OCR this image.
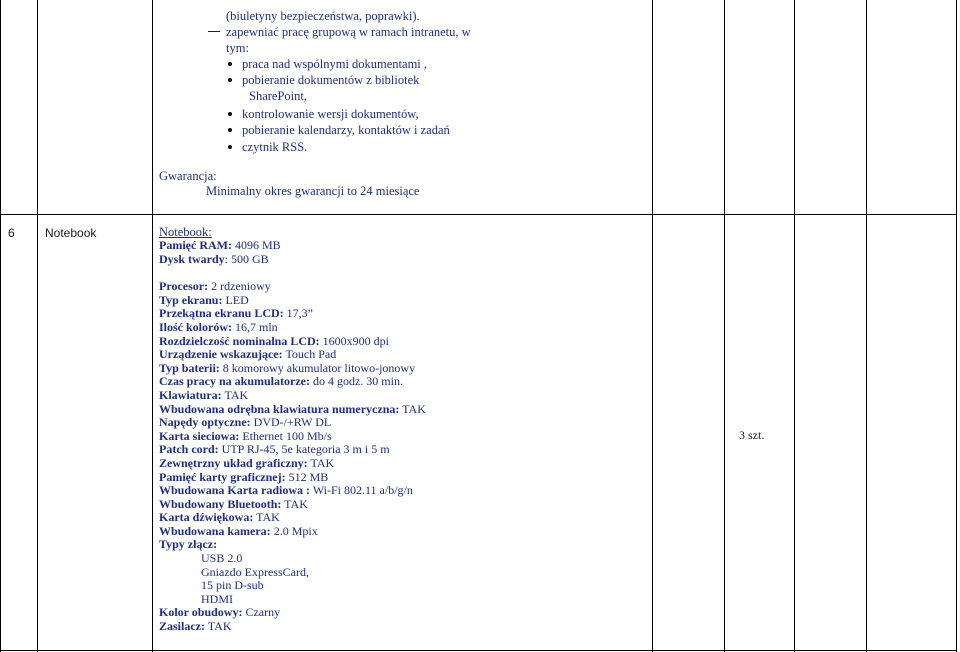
(biuletyny bezpieczeństwa, poprawki).
zapewniać pracę grupową w ramach intranetu, w
tym:
praca nad wspólnymi dokumentami ,
pobieranie dokumentów z bibliotek
SharePoint,
kontrolowanie wersji dokumentów,
pobieranie kalendarzy, kontaktów i zadań
czytnik RSS.
Gwarancja:
Minimalny okres gwarancji to 24 miesiące
6	Notebook
3 szt.
Notebook:
Pamięć RAM: 4096 MB
Dysk twardy: 500 GB
Procesor: 2 rdzeniowy
Typ ekranu: LED
Przekątna ekranu LCD: 17,3”
Ilość kolorów: 16,7 mln
Rozdzielczość nominalna LCD: 1600x900 dpi
Urządzenie wskazujące: Touch Pad
Typ baterii: 8 komorowy akumulator litowo-jonowy
Czas pracy na akumulatorze: do 4 godz. 30 min.
Klawiatura: TAK
Wbudowana odrębna klawiatura numeryczna: TAK
Napędy optyczne: DVD-/+RW DL
Karta sieciowa: Ethernet 100 Mb/s
Patch cord: UTP RJ-45, 5e kategoria 3 m i 5 m
Zewnętrzny układ graficzny: TAK
Pamięć karty graficznej: 512 MB
Wbudowana Karta radiowa : Wi-Fi 802.11 a/b/g/n
Wbudowany Bluetooth: TAK
Karta dźwiękowa: TAK
Wbudowana kamera: 2.0 Mpix
Typy złącz:
USB 2.0
Gniazdo ExpressCard,
15 pin D-sub
HDMI
Kolor obudowy: Czarny
Zasilacz: TAK
